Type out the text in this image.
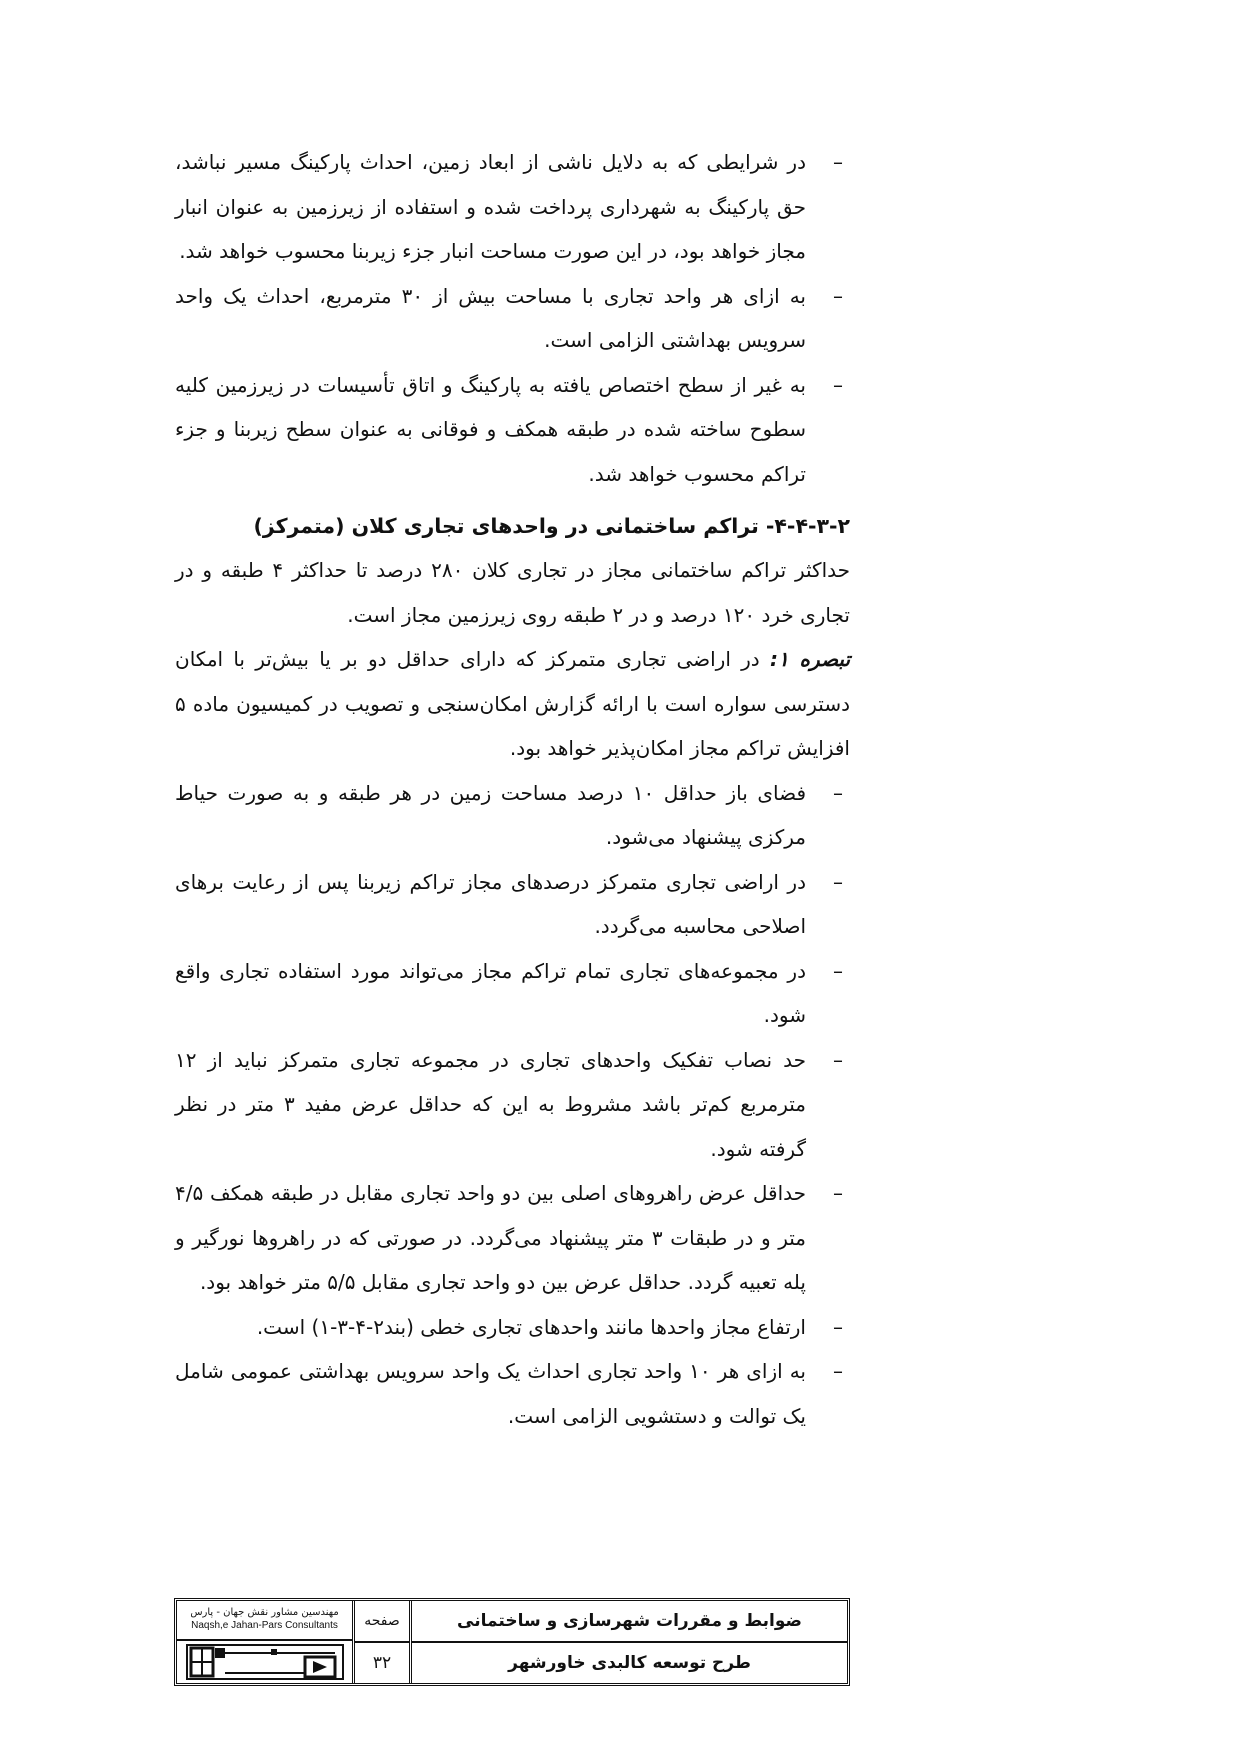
–
در شرایطی که به دلایل ناشی از ابعاد زمین، احداث پارکینگ مسیر نباشد، حق پارکینگ به شهرداری پرداخت شده و استفاده از زیرزمین به عنوان انبار مجاز خواهد بود، در این صورت مساحت انبار جزء زیربنا محسوب خواهد شد.
–
به ازای هر واحد تجاری با مساحت بیش از ۳۰ مترمربع، احداث یک واحد سرویس بهداشتی الزامی است.
–
به غیر از سطح اختصاص یافته به پارکینگ و اتاق تأسیسات در زیرزمین کلیه سطوح ساخته شده در طبقه همکف و فوقانی به عنوان سطح زیربنا و جزء تراکم محسوب خواهد شد.

۴-۴-۳-۲- تراکم ساختمانی در واحدهای تجاری کلان (متمرکز)

حداکثر تراکم ساختمانی مجاز در تجاری کلان ۲۸۰ درصد تا حداکثر ۴ طبقه و در تجاری خرد ۱۲۰ درصد و در ۲ طبقه روی زیرزمین مجاز است.

تبصره ۱: در اراضی تجاری متمرکز که دارای حداقل دو بر یا بیش‌تر با امکان دسترسی سواره است با ارائه گزارش امکان‌سنجی و تصویب در کمیسیون ماده ۵ افزایش تراکم مجاز امکان‌پذیر خواهد بود.

–
فضای باز حداقل ۱۰ درصد مساحت زمین در هر طبقه و به صورت حیاط مرکزی پیشنهاد می‌شود.
–
در اراضی تجاری متمرکز درصدهای مجاز تراکم زیربنا پس از رعایت برهای اصلاحی محاسبه می‌گردد.
–
در مجموعه‌های تجاری تمام تراکم مجاز می‌تواند مورد استفاده تجاری واقع شود.
–
حد نصاب تفکیک واحدهای تجاری در مجموعه تجاری متمرکز نباید از ۱۲ مترمربع کم‌تر باشد مشروط به این که حداقل عرض مفید ۳ متر در نظر گرفته شود.
–
حداقل عرض راهروهای اصلی بین دو واحد تجاری مقابل در طبقه همکف ۴/۵ متر و در طبقات ۳ متر پیشنهاد می‌گردد. در صورتی که در راهروها نورگیر و پله تعبیه گردد. حداقل عرض بین دو واحد تجاری مقابل ۵/۵ متر خواهد بود.
–
ارتفاع مجاز واحدها مانند واحدهای تجاری خطی (بند۲-۴-۳-۱) است.
–
به ازای هر ۱۰ واحد تجاری احداث یک واحد سرویس بهداشتی عمومی شامل یک توالت و دستشویی الزامی است.
ضوابط و مقررات شهرسازی و ساختمانی
طرح توسعه کالبدی خاورشهر
صفحه
۳۲
مهندسین مشاور نقش جهان - پارس
Naqsh,e Jahan-Pars Consultants
